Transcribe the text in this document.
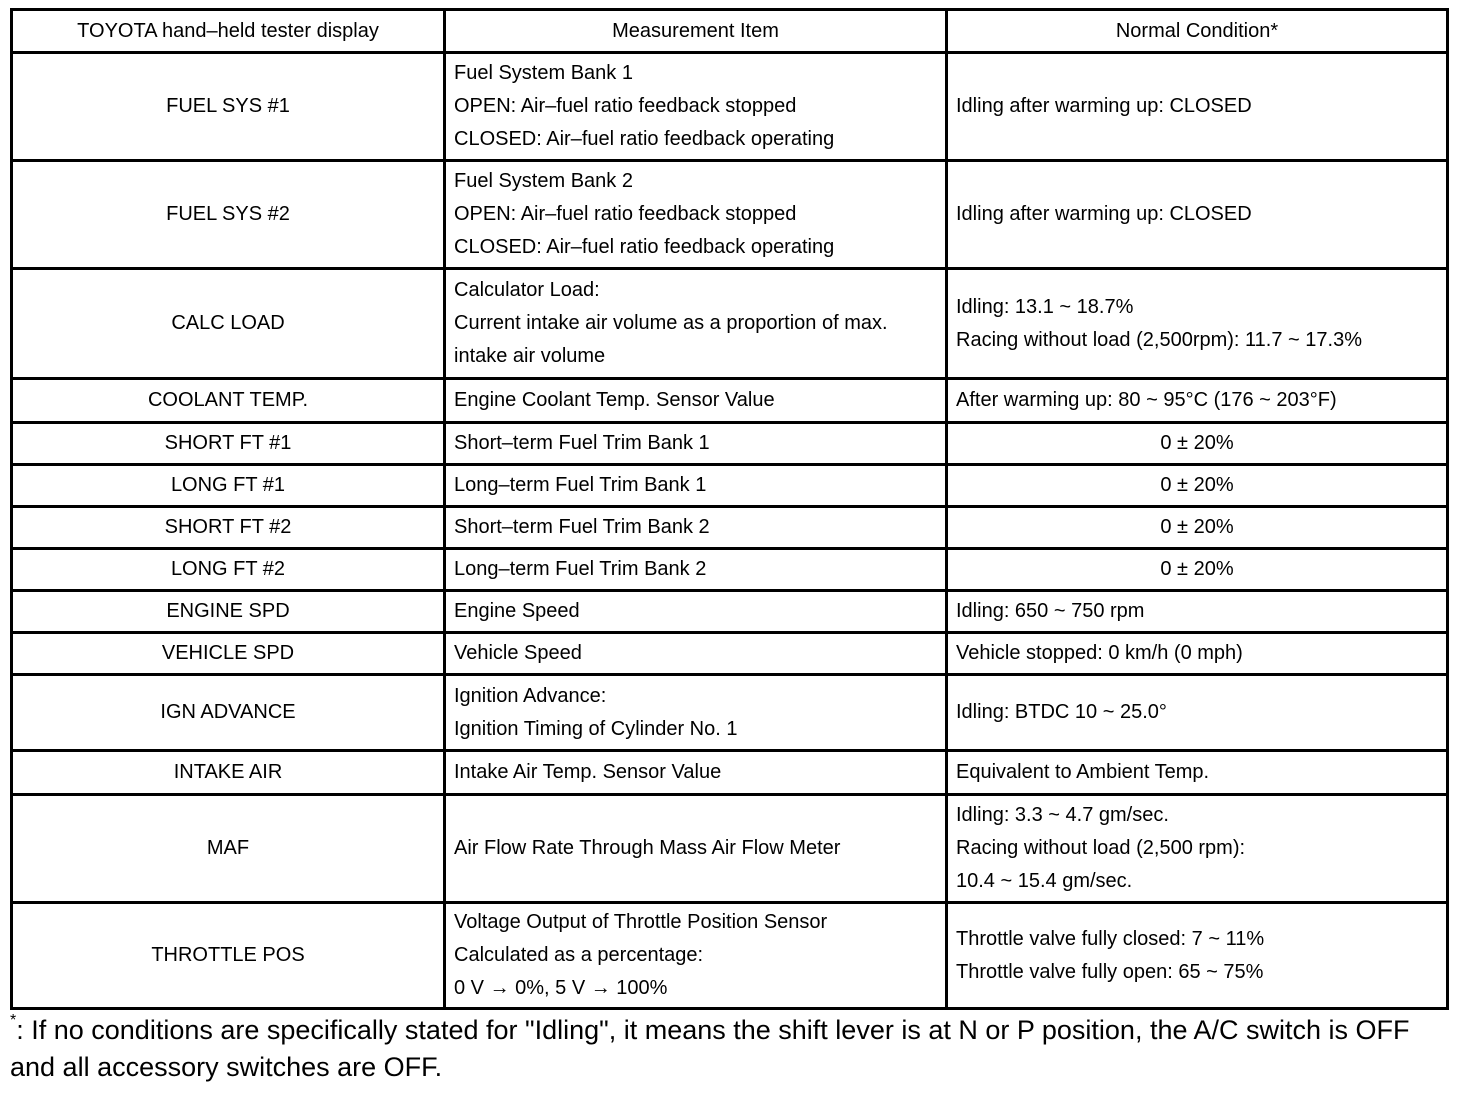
TOYOTA hand–held tester display	Measurement Item	Normal Condition*
FUEL SYS #1	Fuel System Bank 1
OPEN: Air–fuel ratio feedback stopped
CLOSED: Air–fuel ratio feedback operating	Idling after warming up: CLOSED

FUEL SYS #2	Fuel System Bank 2
OPEN: Air–fuel ratio feedback stopped
CLOSED: Air–fuel ratio feedback operating	Idling after warming up: CLOSED

CALC LOAD	Calculator Load:
Current intake air volume as a proportion of max.
intake air volume	Idling: 13.1 ~ 18.7%
Racing without load (2,500rpm): 11.7 ~ 17.3%

COOLANT TEMP.	Engine Coolant Temp. Sensor Value	After warming up: 80 ~ 95°C (176 ~ 203°F)

SHORT FT #1	Short–term Fuel Trim Bank 1	0 ± 20%

LONG FT #1	Long–term Fuel Trim Bank 1	0 ± 20%

SHORT FT #2	Short–term Fuel Trim Bank 2	0 ± 20%

LONG FT #2	Long–term Fuel Trim Bank 2	0 ± 20%

ENGINE SPD	Engine Speed	Idling: 650 ~ 750 rpm

VEHICLE SPD	Vehicle Speed	Vehicle stopped: 0 km/h (0 mph)

IGN ADVANCE	Ignition Advance:
Ignition Timing of Cylinder No. 1	Idling: BTDC 10 ~ 25.0°

INTAKE AIR	Intake Air Temp. Sensor Value	Equivalent to Ambient Temp.

MAF	Air Flow Rate Through Mass Air Flow Meter	Idling: 3.3 ~ 4.7 gm/sec.
Racing without load (2,500 rpm):
10.4 ~ 15.4 gm/sec.

THROTTLE POS	Voltage Output of Throttle Position Sensor
Calculated as a percentage:
0 V → 0%, 5 V → 100%	Throttle valve fully closed: 7 ~ 11%
Throttle valve fully open: 65 ~ 75%
*: If no conditions are specifically stated for "Idling", it means the shift lever is at N or P position, the A/C switch is OFF and all accessory switches are OFF.
